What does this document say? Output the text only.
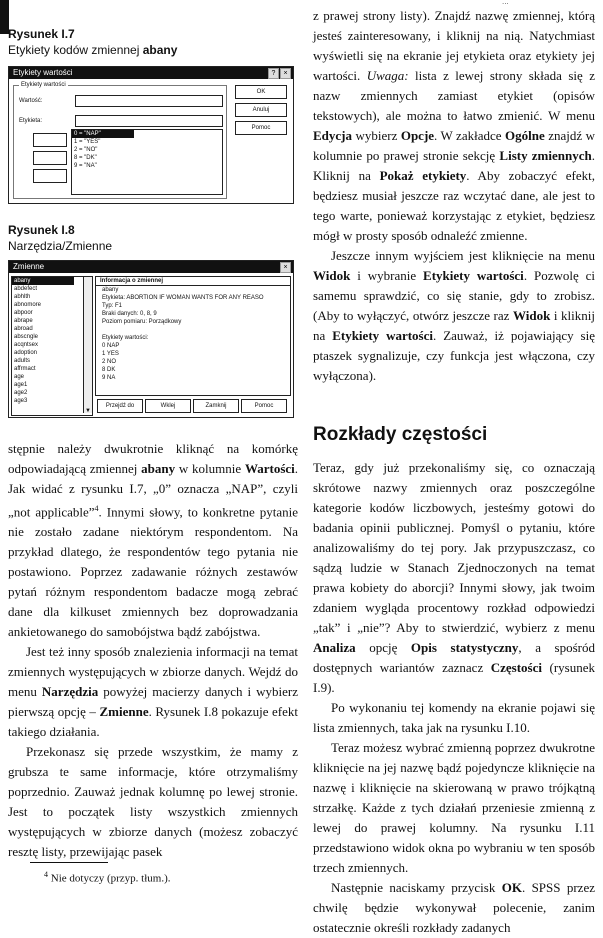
...
Rysunek I.7
Etykiety kodów zmiennej abany
Etykiety wartości	?	×
Etykiety wartości
Wartość:
Etykieta:
0 = "NAP"
1 = "YES"
2 = "NO"
8 = "DK"
9 = "NA"
OK
Anuluj
Pomoc
Rysunek I.8
Narzędzia/Zmienne
Zmienne	×
abany
abdefect
abhlth
abnomore
abpoor
abrape
abroad
abscngle
acqntsex
adoption
adults
affrmact
age
age1
age2
age3
▼
Informacja o zmiennej
abany
Etykieta: ABORTION IF WOMAN WANTS FOR ANY REASO
Typ: F1
Braki danych: 0, 8, 9
Poziom pomiaru: Porządkowy
Etykiety wartości:
0 NAP
1 YES
2 NO
8 DK
9 NA
Przejdź do	Wklej	Zamknij	Pomoc

stępnie należy dwukrotnie kliknąć na komórkę odpowiadającą zmiennej abany w kolumnie Wartości. Jak widać z rysunku I.7, „0” oznacza „NAP”, czyli „not applicable”$^4$. Innymi słowy, to konkretne pytanie nie zostało zadane niektórym respondentom. Na przykład dlatego, że respondentów tego pytania nie postawiono. Poprzez zadawanie różnych zestawów pytań różnym respondentom badacze mogą zebrać dane dla kilkuset zmiennych bez doprowadzania ankietowanego do samobójstwa bądź zabójstwa.

Jest też inny sposób znalezienia informacji na temat zmiennych występujących w zbiorze danych. Wejdź do menu Narzędzia powyżej macierzy danych i wybierz pierwszą opcję – Zmienne. Rysunek I.8 pokazuje efekt takiego działania.

Przekonasz się przede wszystkim, że mamy z grubsza te same informacje, które otrzymaliśmy poprzednio. Zauważ jednak kolumnę po lewej stronie. Jest to początek listy wszystkich zmiennych występujących w zbiorze danych (możesz zobaczyć resztę listy, przewijając pasek

$^4$ Nie dotyczy (przyp. tłum.).

z prawej strony listy). Znajdź nazwę zmiennej, którą jesteś zainteresowany, i kliknij na nią. Natychmiast wyświetli się na ekranie jej etykieta oraz etykiety jej wartości. Uwaga: lista z lewej strony składa się z nazw zmiennych zamiast etykiet (opisów tekstowych), ale można to łatwo zmienić. W menu Edycja wybierz Opcje. W zakładce Ogólne znajdź w kolumnie po prawej stronie sekcję Listy zmiennych. Kliknij na Pokaż etykiety. Aby zobaczyć efekt, będziesz musiał jeszcze raz wczytać dane, ale jest to tego warte, ponieważ korzystając z etykiet, będziesz mógł w prosty sposób odnaleźć zmienne.

Jeszcze innym wyjściem jest kliknięcie na menu Widok i wybranie Etykiety wartości. Pozwolę ci samemu sprawdzić, co się stanie, gdy to zrobisz. (Aby to wyłączyć, otwórz jeszcze raz Widok i kliknij na Etykiety wartości. Zauważ, iż pojawiający się ptaszek sygnalizuje, czy funkcja jest włączona, czy wyłączona).

Rozkłady częstości

Teraz, gdy już przekonaliśmy się, co oznaczają skrótowe nazwy zmiennych oraz poszczególne kategorie kodów liczbowych, jesteśmy gotowi do badania opinii publicznej. Pomyśl o pytaniu, które analizowaliśmy do tej pory. Jak przypuszczasz, co sądzą ludzie w Stanach Zjednoczonych na temat prawa kobiety do aborcji? Innymi słowy, jak twoim zdaniem wygląda procentowy rozkład odpowiedzi „tak” i „nie”? Aby to stwierdzić, wybierz z menu Analiza opcję Opis statystyczny, a spośród dostępnych wariantów zaznacz Częstości (rysunek I.9).

Po wykonaniu tej komendy na ekranie pojawi się lista zmiennych, taka jak na rysunku I.10.

Teraz możesz wybrać zmienną poprzez dwukrotne kliknięcie na jej nazwę bądź pojedyncze kliknięcie na nazwę i kliknięcie na skierowaną w prawo trójkątną strzałkę. Każde z tych działań przeniesie zmienną z lewej do prawej kolumny. Na rysunku I.11 przedstawiono widok okna po wybraniu w ten sposób trzech zmiennych.

Następnie naciskamy przycisk OK. SPSS przez chwilę będzie wykonywał polecenie, zanim ostatecznie określi rozkłady zadanych
